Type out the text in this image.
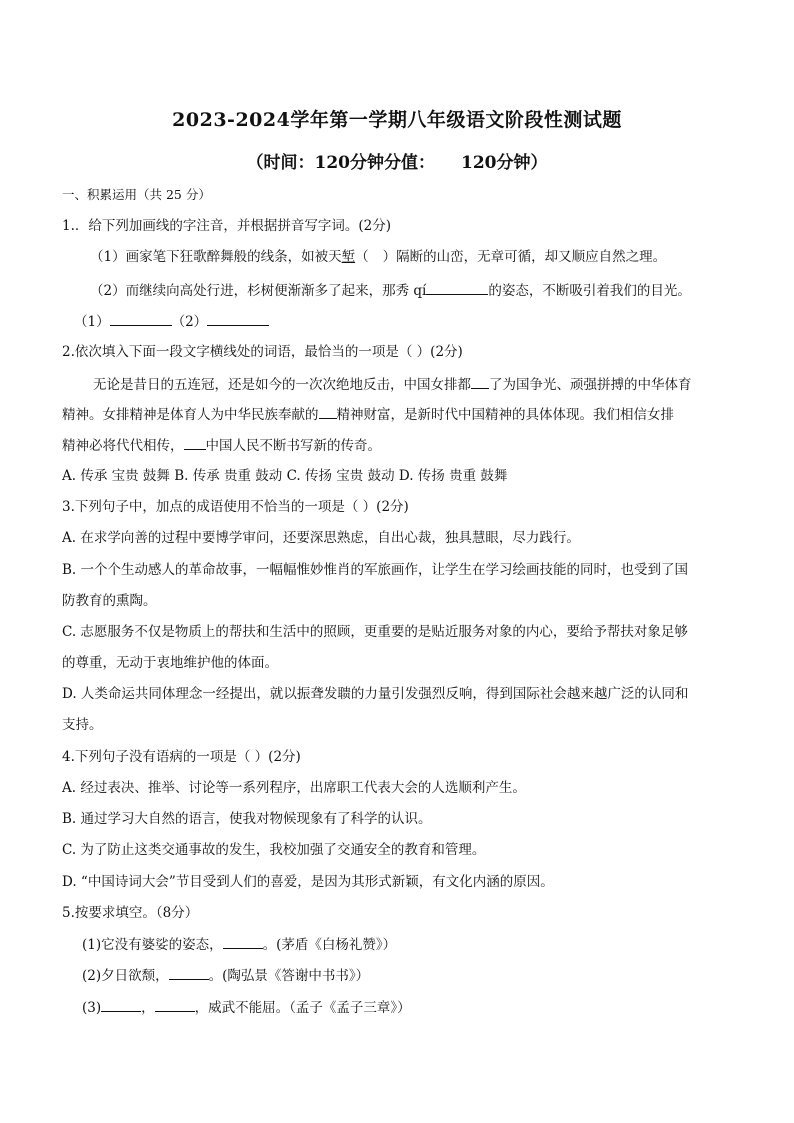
2023-2024学年第一学期八年级语文阶段性测试题
（时间：120分钟分值： 120分钟）
一、积累运用（共 25 分）
1.．给下列加画线的字注音，并根据拼音写字词。(2分)
（1）画家笔下狂歌醉舞般的线条，如被天堑（ ）隔断的山峦，无章可循，却又顺应自然之理。
（2）而继续向高处行进，杉树便渐渐多了起来，那秀 qí	的姿态，不断吸引着我们的目光。
（1）	（2）
2.依次填入下面一段文字横线处的词语，最恰当的一项是（ ）(2分)
无论是昔日的五连冠，还是如今的一次次绝地反击，中国女排都 了为国争光、顽强拼搏的中华体育
精神。女排精神是体育人为中华民族奉献的 精神财富，是新时代中国精神的具体体现。我们相信女排
精神必将代代相传， 中国人民不断书写新的传奇。
A. 传承 宝贵 鼓舞 B. 传承 贵重 鼓动 C. 传扬 宝贵 鼓动 D. 传扬 贵重 鼓舞
3.下列句子中，加点的成语使用不恰当的一项是（ ）(2分)
A. 在求学向善的过程中要博学审问，还要深思熟虑，自出心裁，独具慧眼，尽力践行。
B. 一个个生动感人的革命故事，一幅幅惟妙惟肖的军旅画作，让学生在学习绘画技能的同时，也受到了国
防教育的熏陶。
C. 志愿服务不仅是物质上的帮扶和生活中的照顾，更重要的是贴近服务对象的内心，要给予帮扶对象足够
的尊重，无动于衷地维护他的体面。
D. 人类命运共同体理念一经提出，就以振聋发聩的力量引发强烈反响，得到国际社会越来越广泛的认同和
支持。
4.下列句子没有语病的一项是（ ）(2分)
A. 经过表决、推举、讨论等一系列程序，出席职工代表大会的人选顺利产生。
B. 通过学习大自然的语言，使我对物候现象有了科学的认识。
C. 为了防止这类交通事故的发生，我校加强了交通安全的教育和管理。
D. “中国诗词大会”节目受到人们的喜爱，是因为其形式新颖，有文化内涵的原因。
5.按要求填空。（8分）
(1)它没有婆娑的姿态，	。(茅盾《白杨礼赞》）
(2)夕日欲颓，	。(陶弘景《答谢中书书》）
(3)	，	，威武不能屈。（孟子《孟子三章》）
